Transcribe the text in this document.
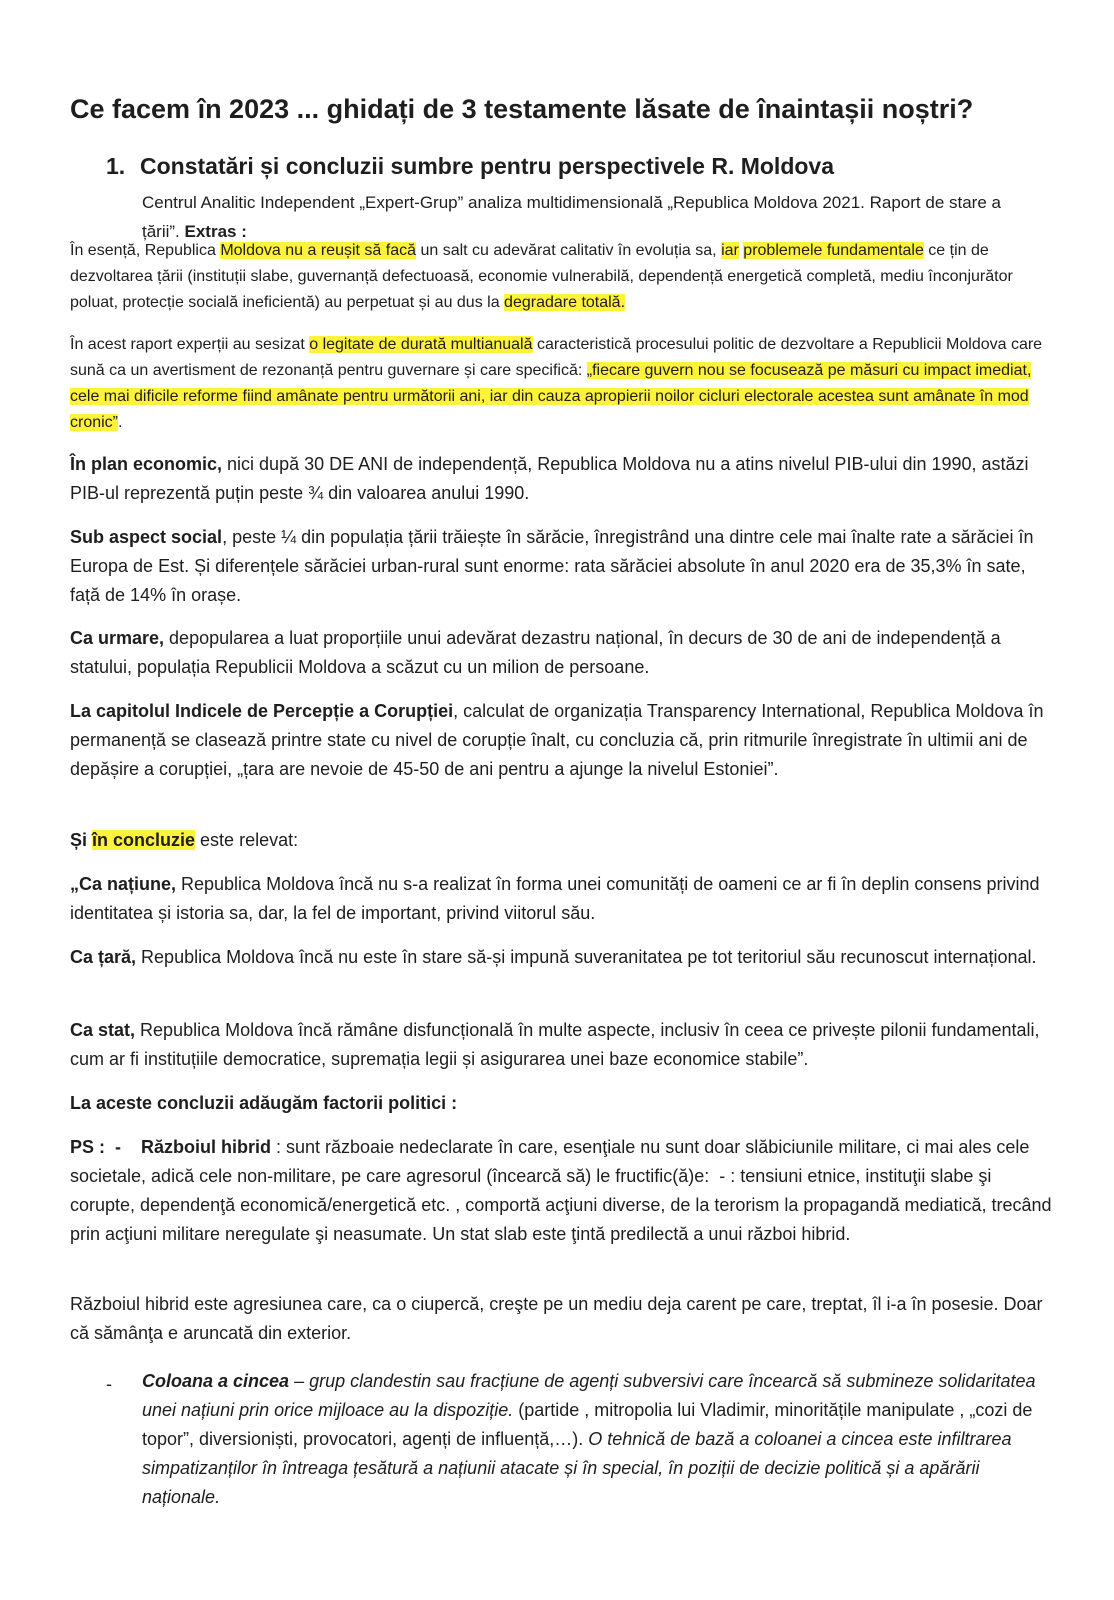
Ce facem în 2023 ... ghidați de 3 testamente lăsate de înaintașii noștri?
1. Constatări și concluzii sumbre pentru perspectivele R. Moldova
Centrul Analitic Independent „Expert-Grup” analiza multidimensională „Republica Moldova 2021. Raport de stare a țării”. Extras :
În esență, Republica Moldova nu a reușit să facă un salt cu adevărat calitativ în evoluția sa, iar problemele fundamentale ce țin de dezvoltarea țării (instituții slabe, guvernanță defectuoasă, economie vulnerabilă, dependență energetică completă, mediu înconjurător poluat, protecție socială ineficientă) au perpetuat și au dus la degradare totală.
În acest raport experții au sesizat o legitate de durată multianuală caracteristică procesului politic de dezvoltare a Republicii Moldova care sună ca un avertisment de rezonanță pentru guvernare și care specifică: „fiecare guvern nou se focusează pe măsuri cu impact imediat, cele mai dificile reforme fiind amânate pentru următorii ani, iar din cauza apropierii noilor cicluri electorale acestea sunt amânate în mod cronic”.
În plan economic, nici după 30 DE ANI de independență, Republica Moldova nu a atins nivelul PIB-ului din 1990, astăzi PIB-ul reprezentă puțin peste ¾ din valoarea anului 1990.
Sub aspect social, peste ¼ din populația țării trăiește în sărăcie, înregistrând una dintre cele mai înalte rate a sărăciei în Europa de Est. Și diferențele sărăciei urban-rural sunt enorme: rata sărăciei absolute în anul 2020 era de 35,3% în sate, față de 14% în orașe.
Ca urmare, depopularea a luat proporțiile unui adevărat dezastru național, în decurs de 30 de ani de independență a statului, populația Republicii Moldova a scăzut cu un milion de persoane.
La capitolul Indicele de Percepție a Corupției, calculat de organizația Transparency International, Republica Moldova în permanență se clasează printre state cu nivel de corupție înalt, cu concluzia că, prin ritmurile înregistrate în ultimii ani de depășire a corupției, „țara are nevoie de 45-50 de ani pentru a ajunge la nivelul Estoniei”.
Și în concluzie este relevat:
„Ca națiune, Republica Moldova încă nu s-a realizat în forma unei comunități de oameni ce ar fi în deplin consens privind identitatea și istoria sa, dar, la fel de important, privind viitorul său.
Ca țară, Republica Moldova încă nu este în stare să-și impună suveranitatea pe tot teritoriul său recunoscut internațional.
Ca stat, Republica Moldova încă rămâne disfuncțională în multe aspecte, inclusiv în ceea ce privește pilonii fundamentali, cum ar fi instituțiile democratice, supremația legii și asigurarea unei baze economice stabile”.
La aceste concluzii adăugăm factorii politici :
PS :  -    Războiul hibrid : sunt războaie nedeclarate în care, esenţiale nu sunt doar slăbiciunile militare, ci mai ales cele societale, adică cele non-militare, pe care agresorul (încearcă să) le fructific(ă)e:  - : tensiuni etnice, instituţii slabe şi corupte, dependenţă economică/energetică etc. , comportă acţiuni diverse, de la terorism la propagandă mediatică, trecând  prin acţiuni militare neregulate şi neasumate. Un stat slab este ţintă predilectă a unui război hibrid.
Războiul hibrid este agresiunea care, ca o ciupercă, creşte pe un mediu deja carent pe care, treptat, îl i-a în posesie. Doar că sămânţa e aruncată din exterior.
- Coloana a cincea – grup clandestin sau fracțiune de agenți subversivi care încearcă să submineze solidaritatea unei națiuni prin orice mijloace au la dispoziție. (partide , mitropolia lui Vladimir, minoritățile manipulate , „cozi de topor”, diversioniști, provocatori, agenți de influență,…). O tehnică de bază a coloanei a cincea este infiltrarea simpatizanților în întreaga țesătură a națiunii atacate și în special, în poziții de decizie politică și a apărării naționale.
